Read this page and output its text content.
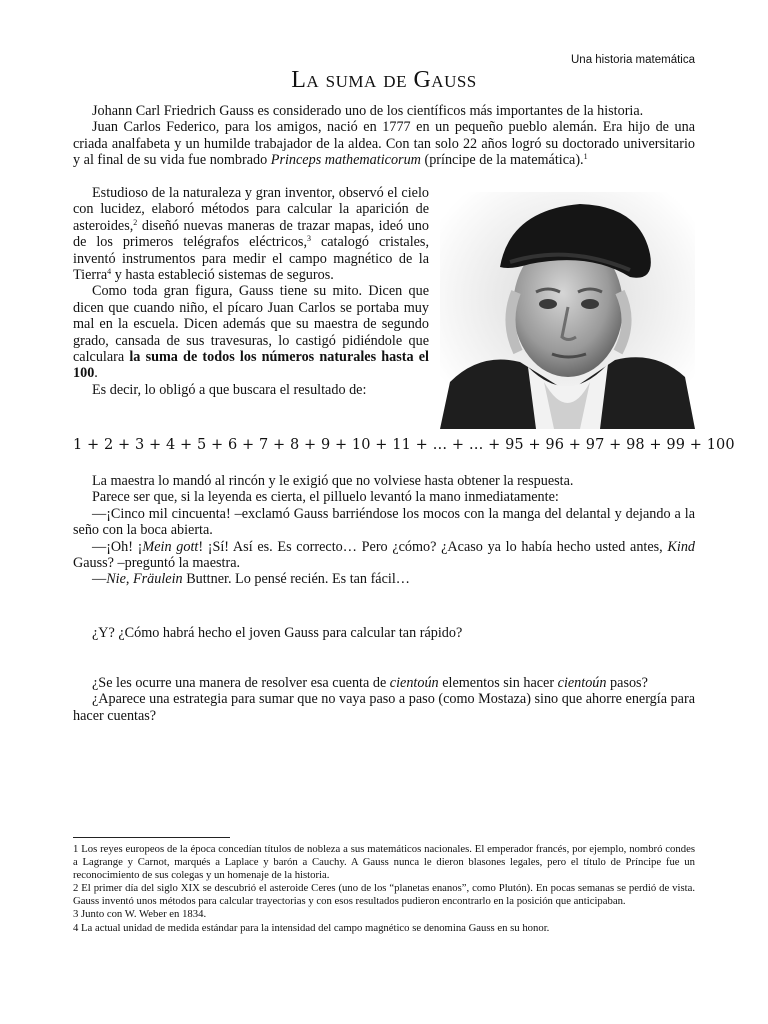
Una historia matemática
La suma de Gauss

Johann Carl Friedrich Gauss es considerado uno de los científicos más importantes de la historia.

Juan Carlos Federico, para los amigos, nació en 1777 en un pequeño pueblo alemán. Era hijo de una criada analfabeta y un humilde trabajador de la aldea. Con tan solo 22 años logró su doctorado universitario y al final de su vida fue nombrado Princeps mathematicorum (príncipe de la matemática).$^1$

Estudioso de la naturaleza y gran inventor, observó el cielo con lucidez, elaboró métodos para calcular la aparición de asteroides,$^2$ diseñó nuevas maneras de trazar mapas, ideó uno de los primeros telégrafos eléctricos,$^3$ catalogó cristales, inventó instrumentos para medir el campo magnético de la Tierra$^4$ y hasta estableció sistemas de seguros.

Como toda gran figura, Gauss tiene su mito. Dicen que dicen que cuando niño, el pícaro Juan Carlos se portaba muy mal en la escuela. Dicen además que su maestra de segundo grado, cansada de sus travesuras, lo castigó pidiéndole que calculara la suma de todos los números naturales hasta el 100.

Es decir, lo obligó a que buscara el resultado de:

1 + 2 + 3 + 4 + 5 + 6 + 7 + 8 + 9 + 10 + 11 + … + … + 95 + 96 + 97 + 98 + 99 + 100

La maestra lo mandó al rincón y le exigió que no volviese hasta obtener la respuesta.

Parece ser que, si la leyenda es cierta, el pilluelo levantó la mano inmediatamente:

—¡Cinco mil cincuenta! –exclamó Gauss barriéndose los mocos con la manga del delantal y dejando a la seño con la boca abierta.

—¡Oh! ¡Mein gott! ¡Sí! Así es. Es correcto… Pero ¿cómo? ¿Acaso ya lo había hecho usted antes, Kind Gauss? –preguntó la maestra.

—Nie, Fräulein Buttner. Lo pensé recién. Es tan fácil…

¿Y? ¿Cómo habrá hecho el joven Gauss para calcular tan rápido?

¿Se les ocurre una manera de resolver esa cuenta de cientoún elementos sin hacer cientoún pasos?

¿Aparece una estrategia para sumar que no vaya paso a paso (como Mostaza) sino que ahorre energía para hacer cuentas?

1 Los reyes europeos de la época concedían títulos de nobleza a sus matemáticos nacionales. El emperador francés, por ejemplo, nombró condes a Lagrange y Carnot, marqués a Laplace y barón a Cauchy. A Gauss nunca le dieron blasones legales, pero el título de Príncipe fue un reconocimiento de sus colegas y un homenaje de la historia.
2 El primer día del siglo XIX se descubrió el asteroide Ceres (uno de los “planetas enanos”, como Plutón). En pocas semanas se perdió de vista. Gauss inventó unos métodos para calcular trayectorias y con esos resultados pudieron encontrarlo en la posición que anticipaban.
3 Junto con W. Weber en 1834.
4 La actual unidad de medida estándar para la intensidad del campo magnético se denomina Gauss en su honor.
